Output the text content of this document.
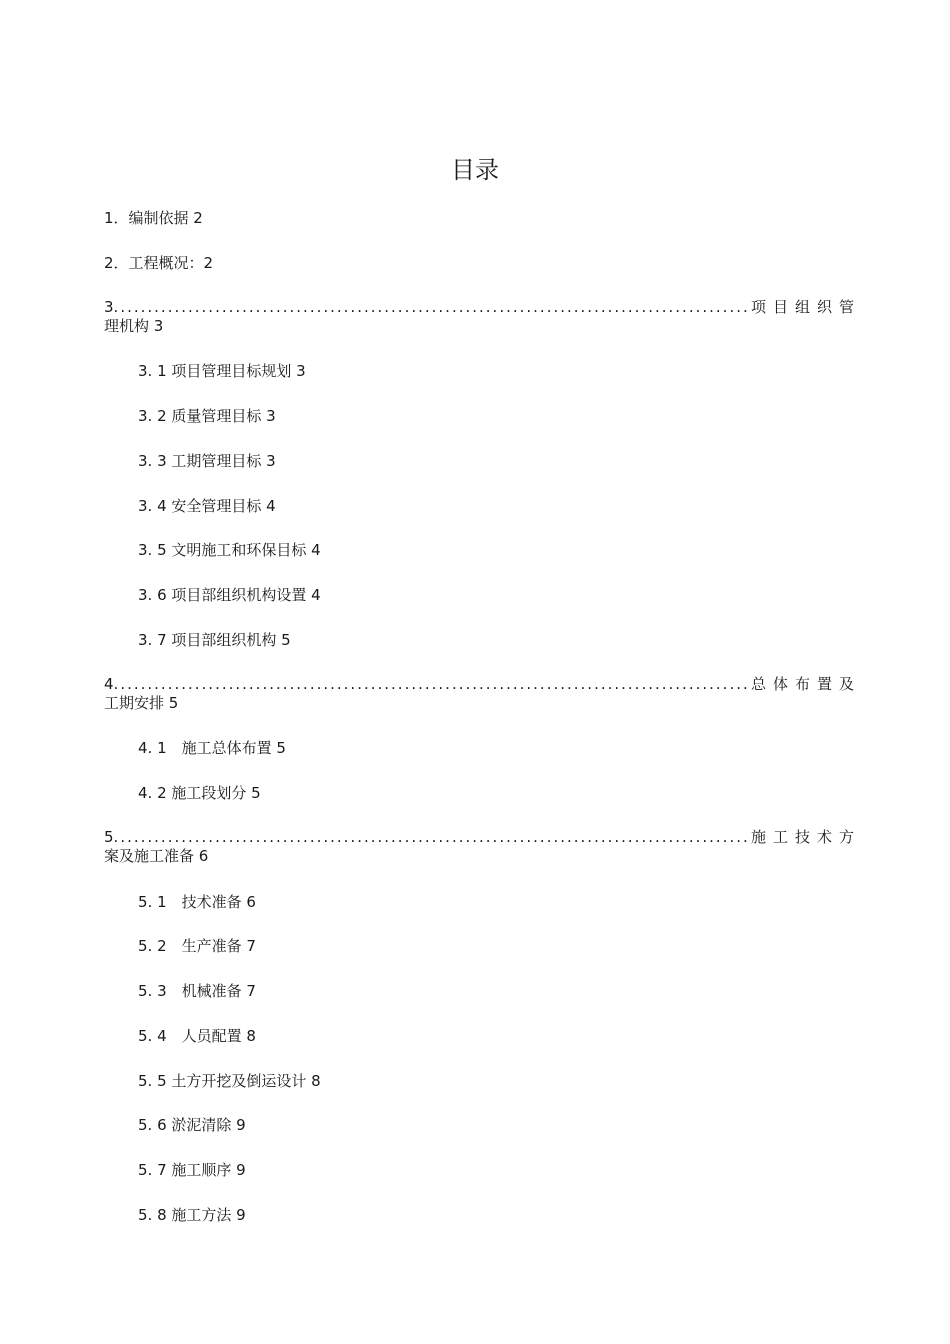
目录
1．编制依据 2
2．工程概况：2
3. .....	项目组织管
理机构 3
3. 1 项目管理目标规划 3
3. 2 质量管理目标 3
3. 3 工期管理目标 3
3. 4 安全管理目标 4
3. 5 文明施工和环保目标 4
3. 6 项目部组织机构设置 4
3. 7 项目部组织机构 5
4. .....	总体布置及
工期安排 5
4. 1　施工总体布置 5
4. 2 施工段划分 5
5. .....	施工技术方
案及施工准备 6
5. 1　技术准备 6
5. 2　生产准备 7
5. 3　机械准备 7
5. 4　人员配置 8
5. 5 土方开挖及倒运设计 8
5. 6 淤泥清除 9
5. 7 施工顺序 9
5. 8 施工方法 9
